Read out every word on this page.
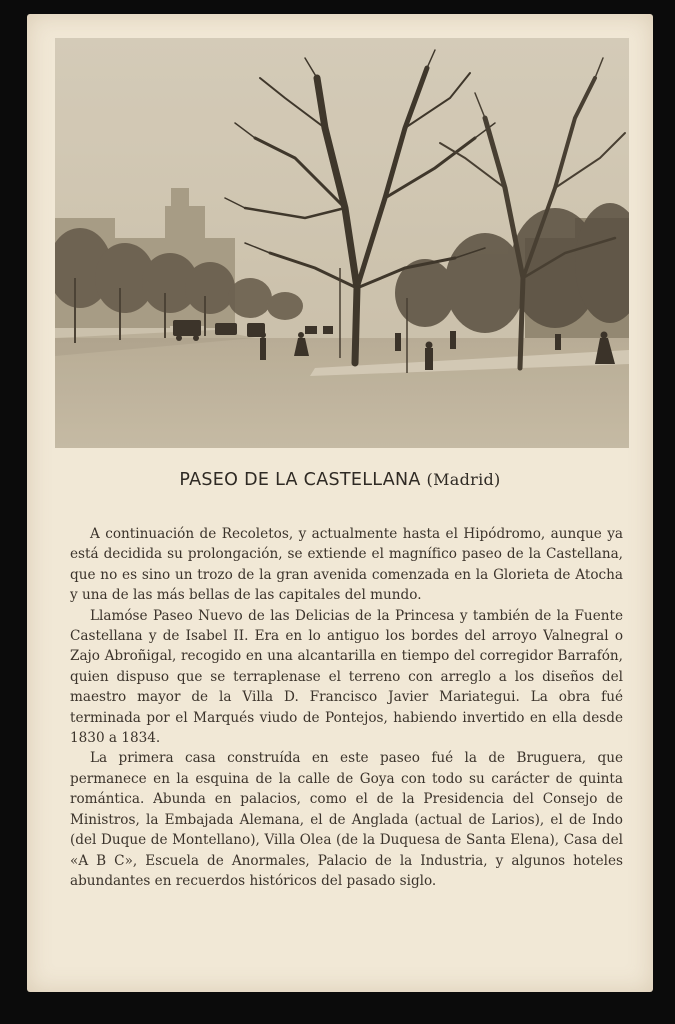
PASEO DE LA CASTELLANA (Madrid)

A continuación de Recoletos, y actualmente hasta el Hipódromo, aunque ya está decidida su prolongación, se extiende el magnífico paseo de la Castellana, que no es sino un trozo de la gran avenida comenzada en la Glorieta de Atocha y una de las más bellas de las capitales del mundo.

Llamóse Paseo Nuevo de las Delicias de la Princesa y también de la Fuente Castellana y de Isabel II. Era en lo antiguo los bordes del arroyo Valnegral o Zajo Abroñigal, recogido en una alcantarilla en tiempo del corregidor Barrafón, quien dispuso que se terraplenase el terreno con arreglo a los diseños del maestro mayor de la Villa D. Francisco Javier Mariategui. La obra fué terminada por el Marqués viudo de Pontejos, habiendo invertido en ella desde 1830 a 1834.

La primera casa construída en este paseo fué la de Bruguera, que permanece en la esquina de la calle de Goya con todo su carácter de quinta romántica. Abunda en palacios, como el de la Presidencia del Consejo de Ministros, la Embajada Alemana, el de Anglada (actual de Larios), el de Indo (del Duque de Montellano), Villa Olea (de la Duquesa de Santa Elena), Casa del «A B C», Escuela de Anormales, Palacio de la Industria, y algunos hoteles abundantes en recuerdos históricos del pasado siglo.
